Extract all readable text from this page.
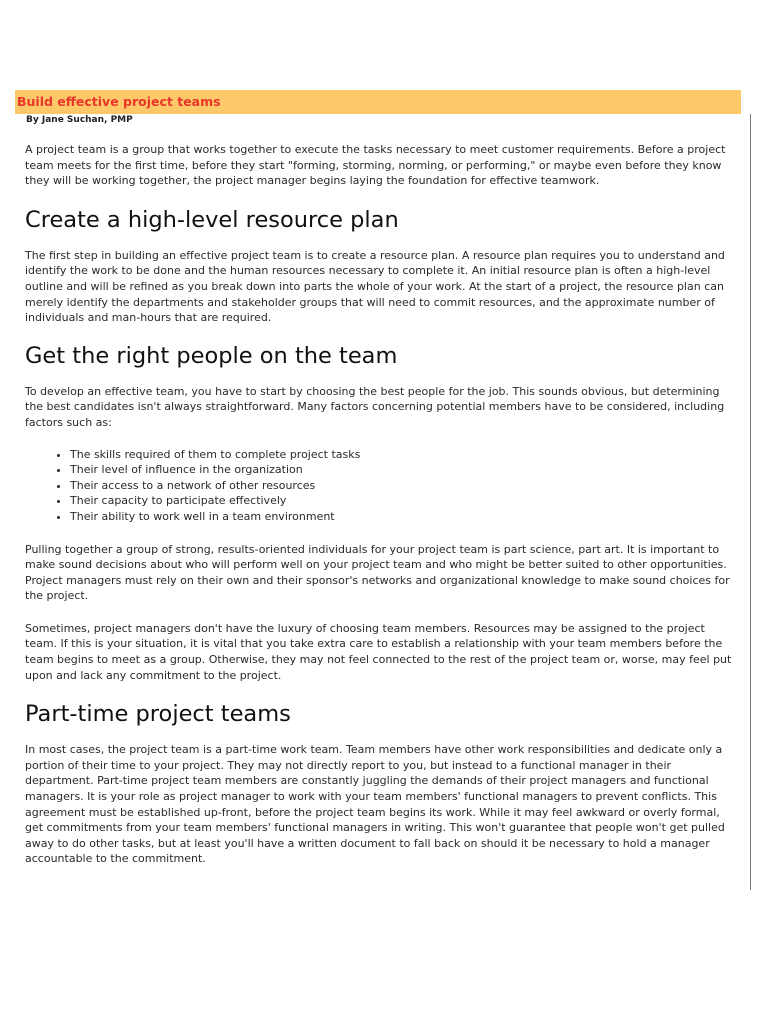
Build effective project teams
By Jane Suchan, PMP

A project team is a group that works together to execute the tasks necessary to meet customer requirements. Before a project team meets for the first time, before they start "forming, storming, norming, or performing," or maybe even before they know they will be working together, the project manager begins laying the foundation for effective teamwork.

Create a high-level resource plan

The first step in building an effective project team is to create a resource plan. A resource plan requires you to understand and identify the work to be done and the human resources necessary to complete it. An initial resource plan is often a high-level outline and will be refined as you break down into parts the whole of your work. At the start of a project, the resource plan can merely identify the departments and stakeholder groups that will need to commit resources, and the approximate number of individuals and man-hours that are required.

Get the right people on the team

To develop an effective team, you have to start by choosing the best people for the job. This sounds obvious, but determining the best candidates isn't always straightforward. Many factors concerning potential members have to be considered, including factors such as:

• The skills required of them to complete project tasks
• Their level of influence in the organization
• Their access to a network of other resources
• Their capacity to participate effectively
• Their ability to work well in a team environment

Pulling together a group of strong, results-oriented individuals for your project team is part science, part art. It is important to make sound decisions about who will perform well on your project team and who might be better suited to other opportunities. Project managers must rely on their own and their sponsor's networks and organizational knowledge to make sound choices for the project.

Sometimes, project managers don't have the luxury of choosing team members. Resources may be assigned to the project team. If this is your situation, it is vital that you take extra care to establish a relationship with your team members before the team begins to meet as a group. Otherwise, they may not feel connected to the rest of the project team or, worse, may feel put upon and lack any commitment to the project.

Part-time project teams

In most cases, the project team is a part-time work team. Team members have other work responsibilities and dedicate only a portion of their time to your project. They may not directly report to you, but instead to a functional manager in their department. Part-time project team members are constantly juggling the demands of their project managers and functional managers. It is your role as project manager to work with your team members' functional managers to prevent conflicts. This agreement must be established up-front, before the project team begins its work. While it may feel awkward or overly formal, get commitments from your team members' functional managers in writing. This won't guarantee that people won't get pulled away to do other tasks, but at least you'll have a written document to fall back on should it be necessary to hold a manager accountable to the commitment.
